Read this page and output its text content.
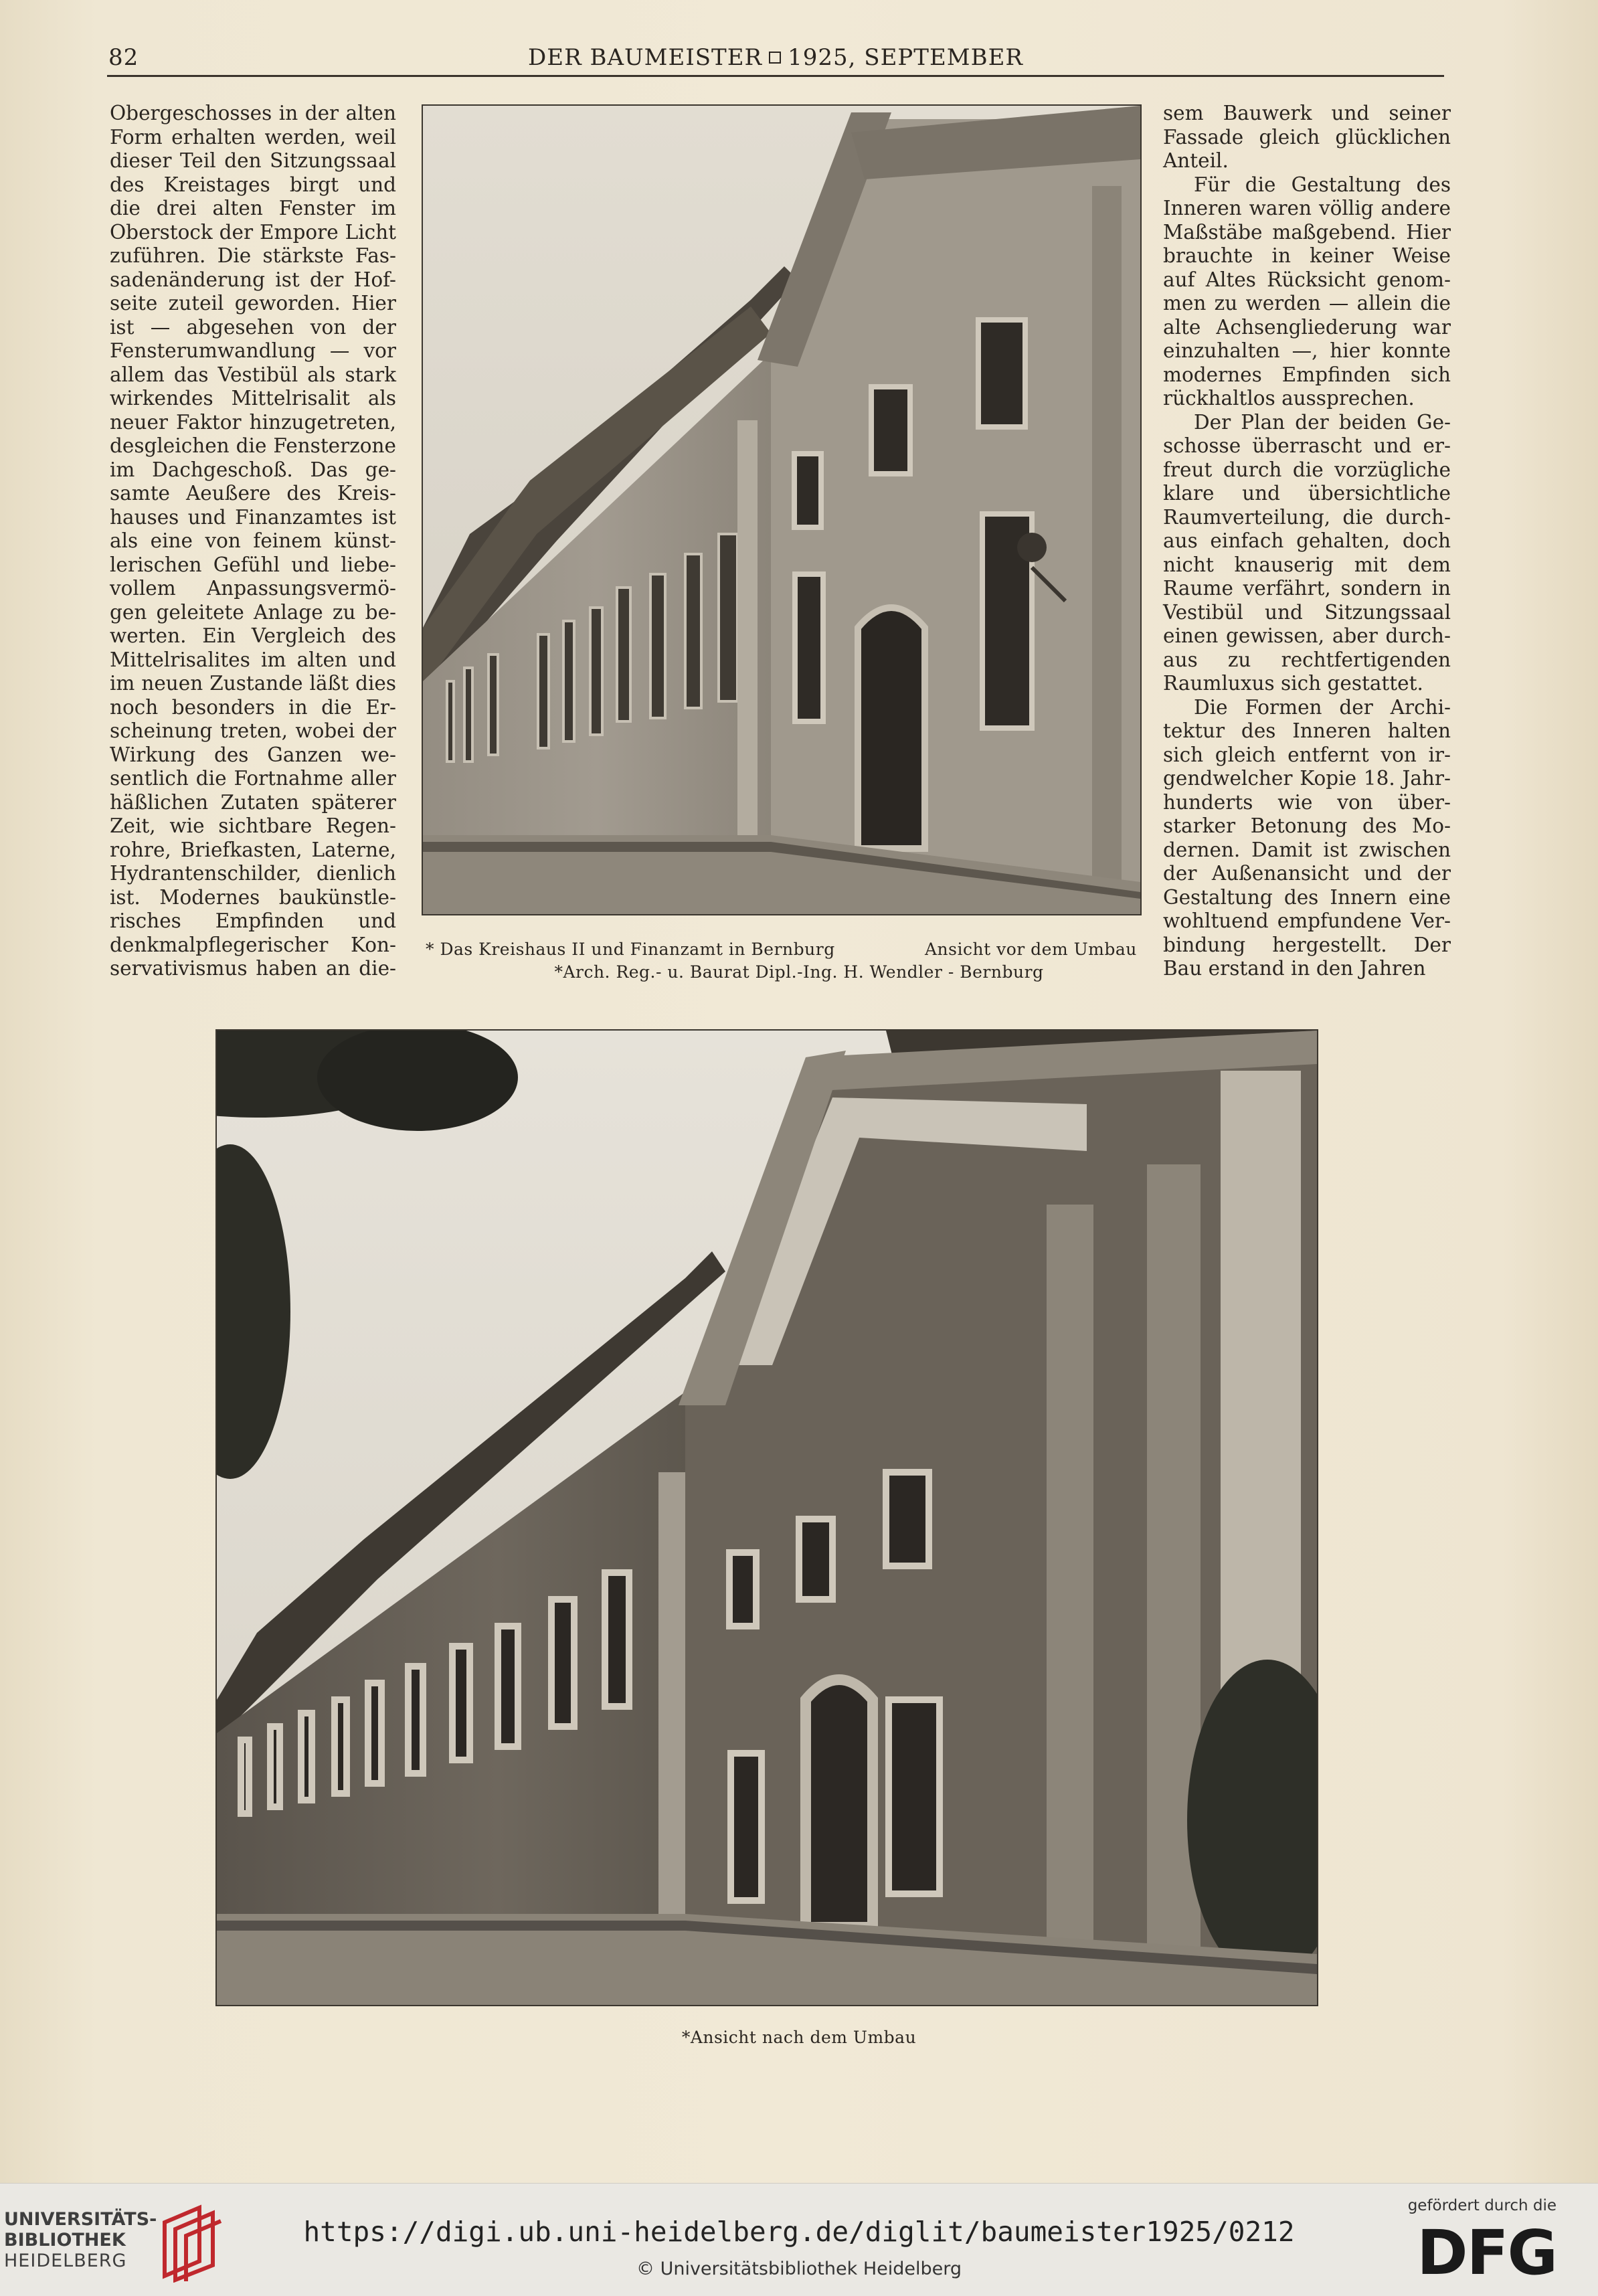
82	DER BAUMEISTER 1925, SEPTEMBER
Obergeschosses in der alten
Form erhalten werden, weil
dieser Teil den Sitzungssaal
des Kreistages birgt und
die drei alten Fenster im
Oberstock der Empore Licht
zuführen. Die stärkste Fas-
sadenänderung ist der Hof-
seite zuteil geworden. Hier
ist — abgesehen von der
Fensterumwandlung — vor
allem das Vestibül als stark
wirkendes Mittelrisalit als
neuer Faktor hinzugetreten,
desgleichen die Fensterzone
im Dachgeschoß. Das ge-
samte Aeußere des Kreis-
hauses und Finanzamtes ist
als eine von feinem künst-
lerischen Gefühl und liebe-
vollem Anpassungsvermö-
gen geleitete Anlage zu be-
werten. Ein Vergleich des
Mittelrisalites im alten und
im neuen Zustande läßt dies
noch besonders in die Er-
scheinung treten, wobei der
Wirkung des Ganzen we-
sentlich die Fortnahme aller
häßlichen Zutaten späterer
Zeit, wie sichtbare Regen-
rohre, Briefkasten, Laterne,
Hydrantenschilder, dienlich
ist. Modernes baukünstle-
risches Empfinden und
denkmalpflegerischer Kon-
servativismus haben an die-
sem Bauwerk und seiner
Fassade gleich glücklichen
Anteil.
Für die Gestaltung des
Inneren waren völlig andere
Maßstäbe maßgebend. Hier
brauchte in keiner Weise
auf Altes Rücksicht genom-
men zu werden — allein die
alte Achsengliederung war
einzuhalten —, hier konnte
modernes Empfinden sich
rückhaltlos aussprechen.
Der Plan der beiden Ge-
schosse überrascht und er-
freut durch die vorzügliche
klare und übersichtliche
Raumverteilung, die durch-
aus einfach gehalten, doch
nicht knauserig mit dem
Raume verfährt, sondern in
Vestibül und Sitzungssaal
einen gewissen, aber durch-
aus zu rechtfertigenden
Raumluxus sich gestattet.
Die Formen der Archi-
tektur des Inneren halten
sich gleich entfernt von ir-
gendwelcher Kopie 18. Jahr-
hunderts wie von über-
starker Betonung des Mo-
dernen. Damit ist zwischen
der Außenansicht und der
Gestaltung des Innern eine
wohltuend empfundene Ver-
bindung hergestellt. Der
Bau erstand in den Jahren
* Das Kreishaus II und Finanzamt in Bernburg	Ansicht vor dem Umbau
*Arch. Reg.- u. Baurat Dipl.-Ing. H. Wendler - Bernburg
*Ansicht nach dem Umbau
UNIVERSITÄTS-
BIBLIOTHEK
HEIDELBERG
https://digi.ub.uni-heidelberg.de/diglit/baumeister1925/0212
© Universitätsbibliothek Heidelberg
gefördert durch die
DFG
